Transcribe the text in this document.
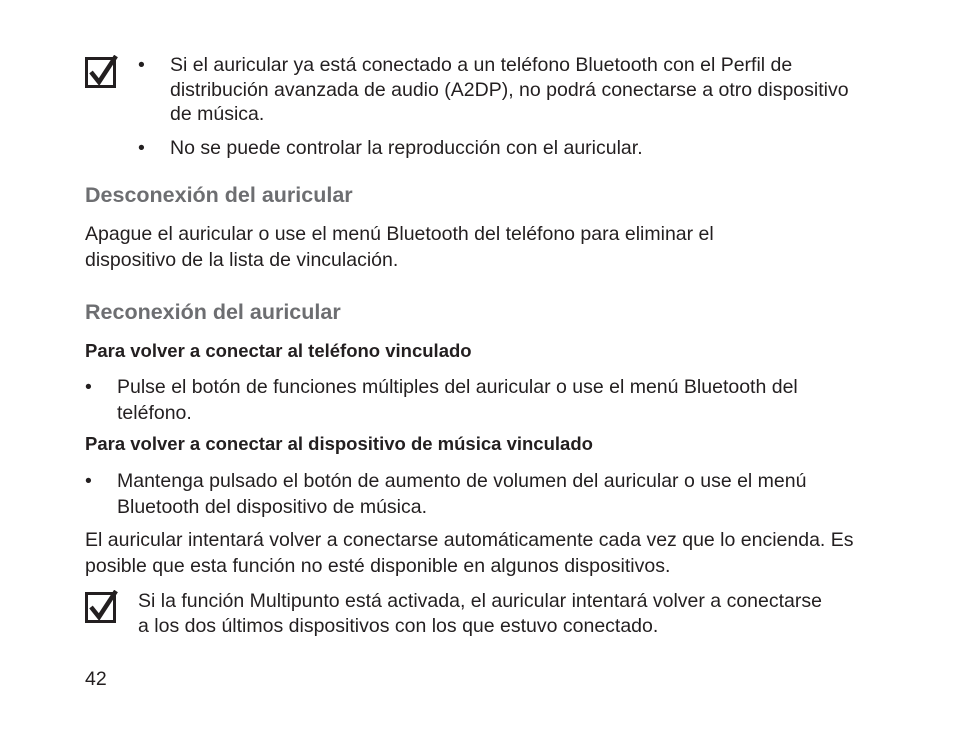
• Si el auricular ya está conectado a un teléfono Bluetooth con el Perfil de distribución avanzada de audio (A2DP), no podrá conectarse a otro dispositivo de música.
• No se puede controlar la reproducción con el auricular.
Desconexión del auricular
Apague el auricular o use el menú Bluetooth del teléfono para eliminar el dispositivo de la lista de vinculación.
Reconexión del auricular
Para volver a conectar al teléfono vinculado
• Pulse el botón de funciones múltiples del auricular o use el menú Bluetooth del teléfono.
Para volver a conectar al dispositivo de música vinculado
• Mantenga pulsado el botón de aumento de volumen del auricular o use el menú Bluetooth del dispositivo de música.
El auricular intentará volver a conectarse automáticamente cada vez que lo encienda. Es posible que esta función no esté disponible en algunos dispositivos.
Si la función Multipunto está activada, el auricular intentará volver a conectarse a los dos últimos dispositivos con los que estuvo conectado.
42
